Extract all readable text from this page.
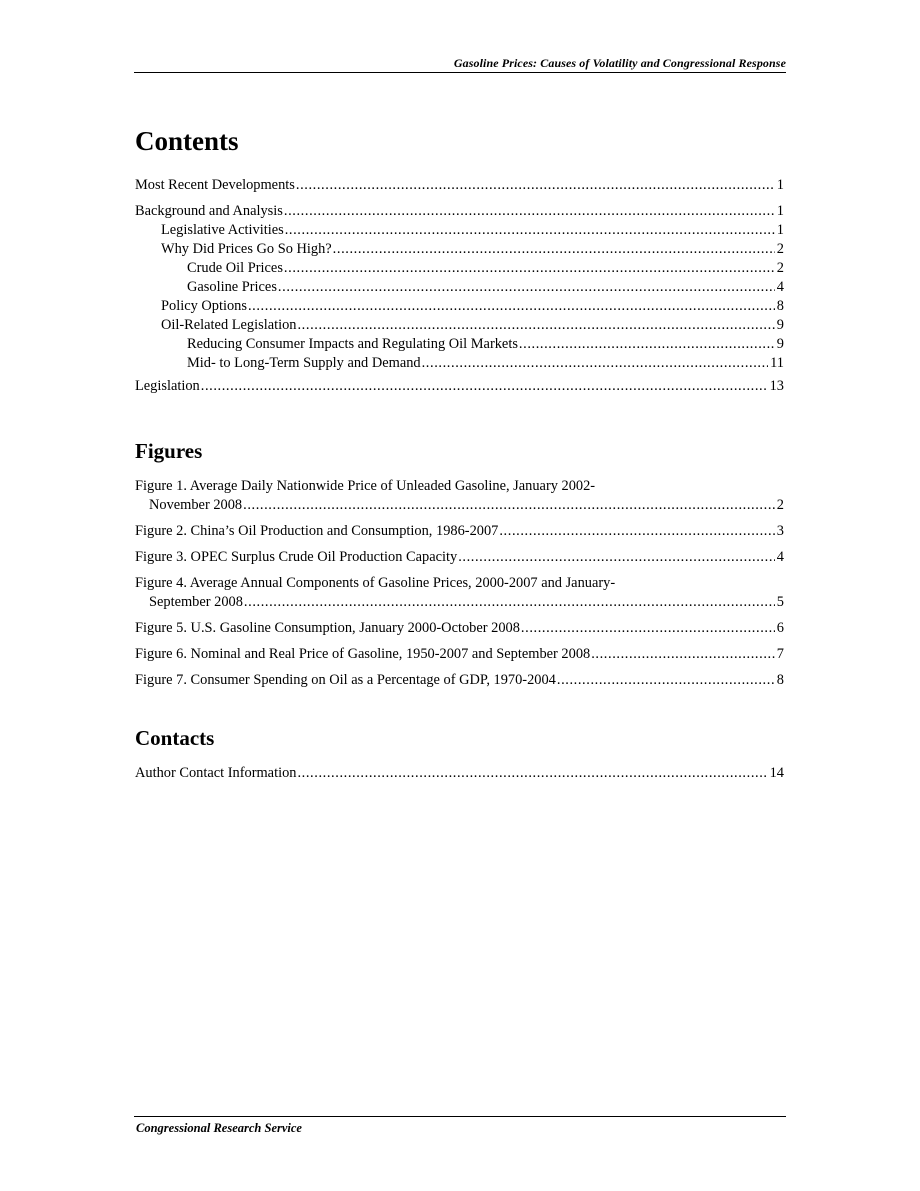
Gasoline Prices: Causes of Volatility and Congressional Response
Contents
Most Recent Developments .....	1
Background and Analysis .....	1
Legislative Activities .....	1
Why Did Prices Go So High? .....	2
Crude Oil Prices .....	2
Gasoline Prices .....	4
Policy Options .....	8
Oil-Related Legislation .....	9
Reducing Consumer Impacts and Regulating Oil Markets .....	9
Mid- to Long-Term Supply and Demand .....	11
Legislation .....	13
Figures
Figure 1. Average Daily Nationwide Price of Unleaded Gasoline, January 2002-
November 2008 .....	2
Figure 2. China’s Oil Production and Consumption, 1986-2007 .....	3
Figure 3. OPEC Surplus Crude Oil Production Capacity .....	4
Figure 4. Average Annual Components of Gasoline Prices, 2000-2007 and January-
September 2008 .....	5
Figure 5. U.S. Gasoline Consumption, January 2000-October 2008 .....	6
Figure 6. Nominal and Real Price of Gasoline, 1950-2007 and September 2008 .....	7
Figure 7. Consumer Spending on Oil as a Percentage of GDP, 1970-2004 .....	8
Contacts
Author Contact Information .....	14
Congressional Research Service
